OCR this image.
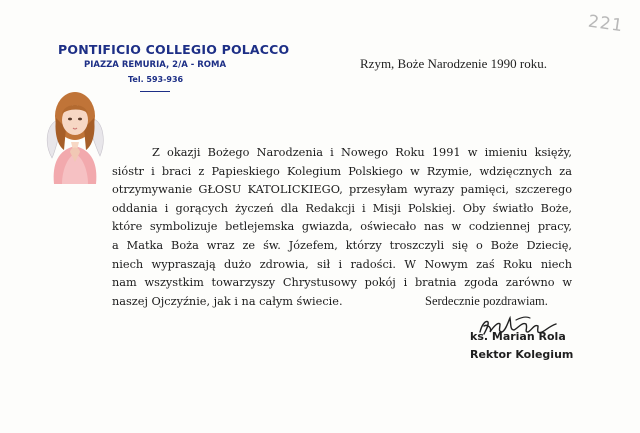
221
PONTIFICIO COLLEGIO POLACCO
PIAZZA REMURIA, 2/A - ROMA
Tel. 593-936
Rzym, Boże Narodzenie 1990 roku.
Z okazji Bożego Narodzenia i Nowego Roku 1991 w imieniu księży,
sióstr i braci z Papieskiego Kolegium Polskiego w Rzymie, wdzięcznych za
otrzymywanie GŁOSU KATOLICKIEGO, przesyłam wyrazy pamięci, szczerego
oddania i gorących życzeń dla Redakcji i Misji Polskiej. Oby światło Boże,
które symbolizuje betlejemska gwiazda, oświecało nas w codziennej pracy,
a Matka Boża wraz ze św. Józefem, którzy troszczyli się o Boże Dziecię,
niech wypraszają dużo zdrowia, sił i radości. W Nowym zaś Roku niech
nam wszystkim towarzyszy Chrystusowy pokój i bratnia zgoda zarówno w
naszej Ojczyźnie, jak i na całym świecie.	Serdecznie pozdrawiam.
ks. Marian Rola
Rektor Kolegium
